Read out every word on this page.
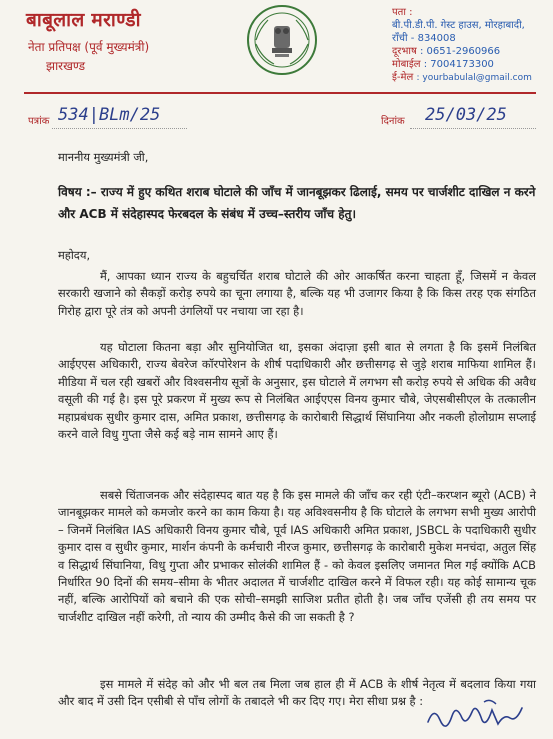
बाबूलाल मराण्डी
नेता प्रतिपक्ष (पूर्व मुख्यमंत्री)
झारखण्ड
पता :
बी.पी.डी.पी. गेस्ट हाउस, मोरहाबादी,
राँची - 834008
दूरभाष : 0651-2960966
मोबाईल : 7004173300
ई-मेल : yourbabulal@gmail.com
पत्रांक 534|BLm/25	दिनांक 25/03/25
माननीय मुख्यमंत्री जी,
विषय :– राज्य में हुए कथित शराब घोटाले की जाँच में जानबूझकर ढिलाई, समय पर चार्जशीट दाखिल न करने और ACB में संदेहास्पद फेरबदल के संबंध में उच्च–स्तरीय जाँच हेतु।
महोदय,
मैं, आपका ध्यान राज्य के बहुचर्चित शराब घोटाले की ओर आकर्षित करना चाहता हूँ, जिसमें न केवल सरकारी खजाने को सैकड़ों करोड़ रुपये का चूना लगाया है, बल्कि यह भी उजागर किया है कि किस तरह एक संगठित गिरोह द्वारा पूरे तंत्र को अपनी उंगलियों पर नचाया जा रहा है।
यह घोटाला कितना बड़ा और सुनियोजित था, इसका अंदाज़ा इसी बात से लगता है कि इसमें निलंबित आईएएस अधिकारी, राज्य बेवरेज कॉरपोरेशन के शीर्ष पदाधिकारी और छत्तीसगढ़ से जुड़े शराब माफिया शामिल हैं। मीडिया में चल रही खबरों और विश्वसनीय सूत्रों के अनुसार, इस घोटाले में लगभग सौ करोड़ रुपये से अधिक की अवैध वसूली की गई है। इस पूरे प्रकरण में मुख्य रूप से निलंबित आईएएस विनय कुमार चौबे, जेएसबीसीएल के तत्कालीन महाप्रबंधक सुधीर कुमार दास, अमित प्रकाश, छत्तीसगढ़ के कारोबारी सिद्धार्थ सिंघानिया और नकली होलोग्राम सप्लाई करने वाले विधु गुप्ता जैसे कई बड़े नाम सामने आए हैं।
सबसे चिंताजनक और संदेहास्पद बात यह है कि इस मामले की जाँच कर रही एंटी–करप्शन ब्यूरो (ACB) ने जानबूझकर मामले को कमजोर करने का काम किया है। यह अविश्वसनीय है कि घोटाले के लगभग सभी मुख्य आरोपी – जिनमें निलंबित IAS अधिकारी विनय कुमार चौबे, पूर्व IAS अधिकारी अमित प्रकाश, JSBCL के पदाधिकारी सुधीर कुमार दास व सुधीर कुमार, मार्शन कंपनी के कर्मचारी नीरज कुमार, छत्तीसगढ़ के कारोबारी मुकेश मनचंदा, अतुल सिंह व सिद्धार्थ सिंघानिया, विधु गुप्ता और प्रभाकर सोलंकी शामिल हैं - को केवल इसलिए जमानत मिल गई क्योंकि ACB निर्धारित 90 दिनों की समय–सीमा के भीतर अदालत में चार्जशीट दाखिल करने में विफल रही। यह कोई सामान्य चूक नहीं, बल्कि आरोपियों को बचाने की एक सोची–समझी साजिश प्रतीत होती है। जब जाँच एजेंसी ही तय समय पर चार्जशीट दाखिल नहीं करेगी, तो न्याय की उम्मीद कैसे की जा सकती है ?
इस मामले में संदेह को और भी बल तब मिला जब हाल ही में ACB के शीर्ष नेतृत्व में बदलाव किया गया और बाद में उसी दिन एसीबी से पाँच लोगों के तबादले भी कर दिए गए। मेरा सीधा प्रश्न है :
